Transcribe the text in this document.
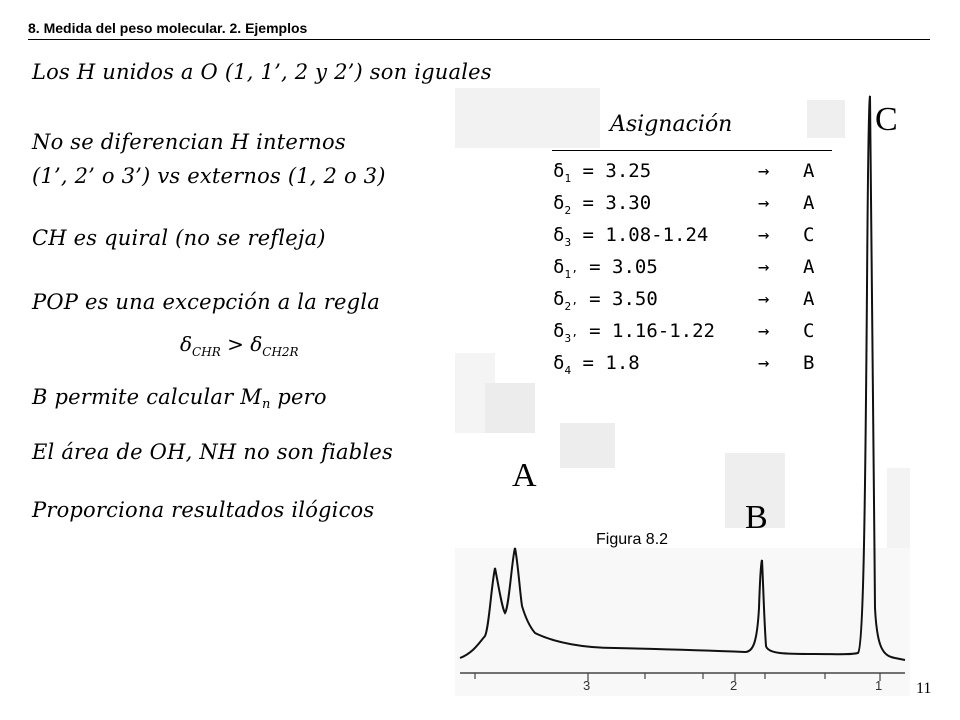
8. Medida del peso molecular. 2. Ejemplos
A
B
C
3	2	1
Los H unidos a O (1, 1’, 2 y 2’) son iguales
No se diferencian H internos
(1’, 2’ o 3’) vs externos (1, 2 o 3)
CH es quiral (no se refleja)
POP es una excepción a la regla
$\delta_{CHR} > \delta_{CH2R}$
B permite calcular Mn pero
El área de OH, NH no son fiables
Proporciona resultados ilógicos
Asignación
$\delta_1 = 3.25$	→ A
$\delta_2 = 3.30$	→ A
$\delta_3 = 1.08-1.24$	→ C
$\delta_{1’} = 3.05$	→ A
$\delta_{2’} = 3.50$	→ A
$\delta_{3’} = 1.16-1.22 \to C$
$\delta_4 = 1.8$	→ B
Figura 8.2
11
